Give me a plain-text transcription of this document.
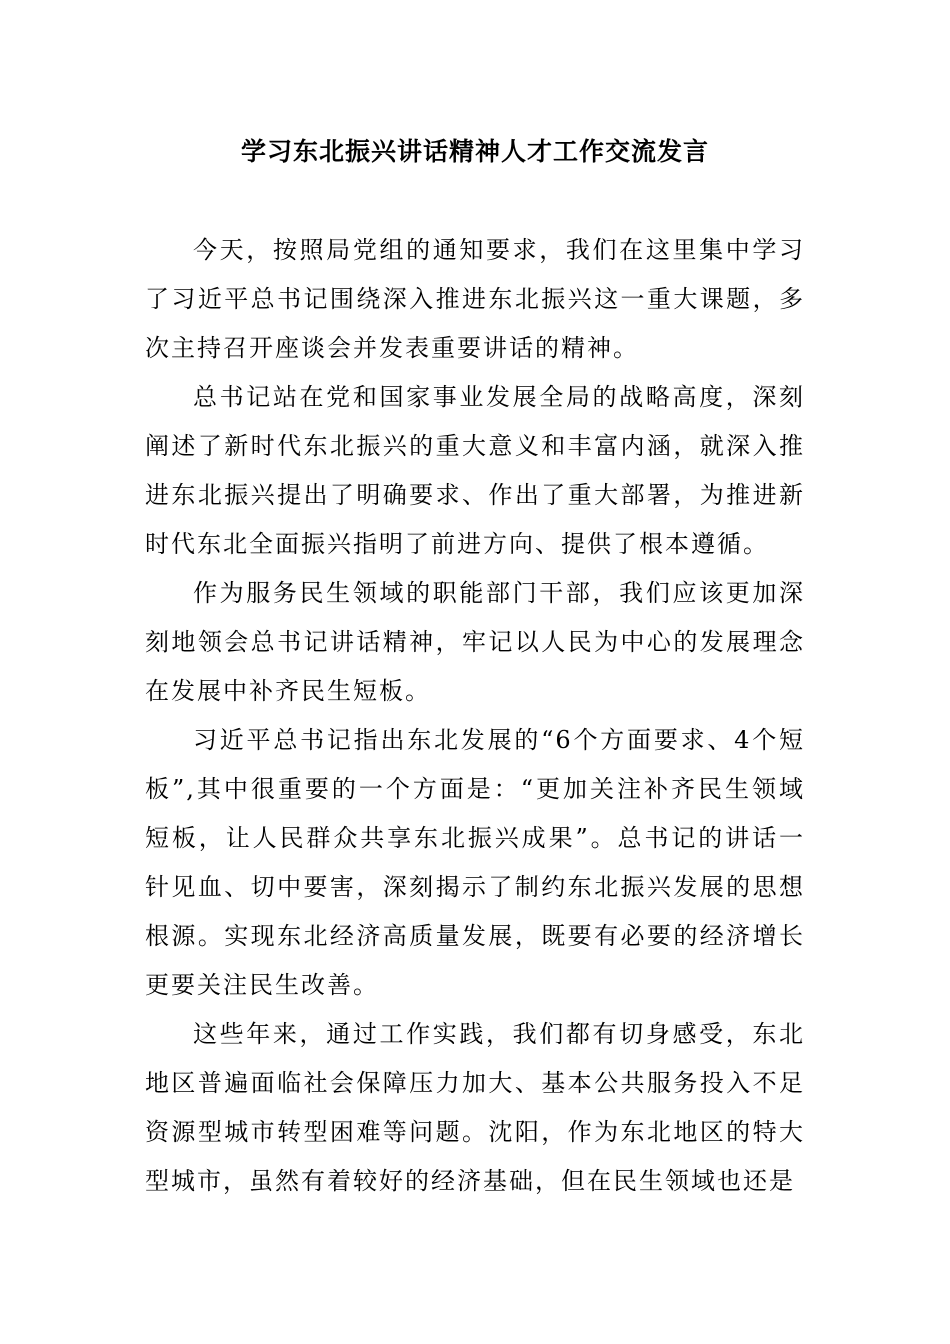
学习东北振兴讲话精神人才工作交流发言

今天，按照局党组的通知要求，我们在这里集中学习了习近平总书记围绕深入推进东北振兴这一重大课题，多次主持召开座谈会并发表重要讲话的精神。

总书记站在党和国家事业发展全局的战略高度，深刻阐述了新时代东北振兴的重大意义和丰富内涵，就深入推进东北振兴提出了明确要求、作出了重大部署，为推进新时代东北全面振兴指明了前进方向、提供了根本遵循。

作为服务民生领域的职能部门干部，我们应该更加深刻地领会总书记讲话精神，牢记以人民为中心的发展理念在发展中补齐民生短板。

习近平总书记指出东北发展的“6个方面要求、4个短板”,其中很重要的一个方面是：“更加关注补齐民生领域短板，让人民群众共享东北振兴成果”。总书记的讲话一针见血、切中要害，深刻揭示了制约东北振兴发展的思想根源。实现东北经济高质量发展，既要有必要的经济增长更要关注民生改善。

这些年来，通过工作实践，我们都有切身感受，东北地区普遍面临社会保障压力加大、基本公共服务投入不足资源型城市转型困难等问题。沈阳，作为东北地区的特大型城市，虽然有着较好的经济基础，但在民生领域也还是
